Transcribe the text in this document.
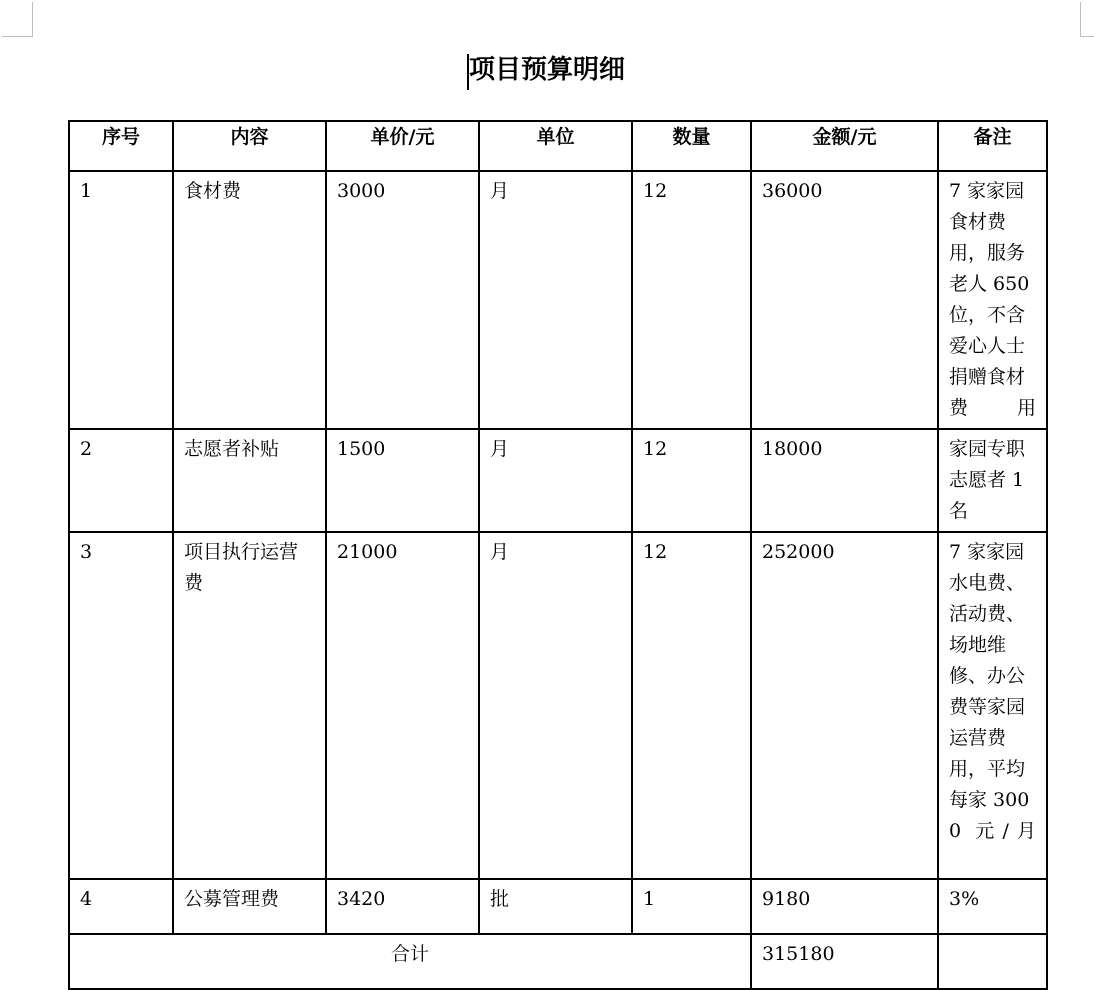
项目预算明细
序号	内容	单价/元	单位	数量	金额/元	备注
1	食材费	3000	月	12	36000	7 家家园食材费用，服务老人 650 位，不含爱心人士捐赠食材费用
2	志愿者补贴	1500	月	12	18000	家园专职志愿者 1 名
3	项目执行运营费	21000	月	12	252000	7 家家园水电费、活动费、场地维修、办公费等家园运营费用，平均每家 3000 元/月
4	公募管理费	3420	批	1	9180	3%
合计					315180	
